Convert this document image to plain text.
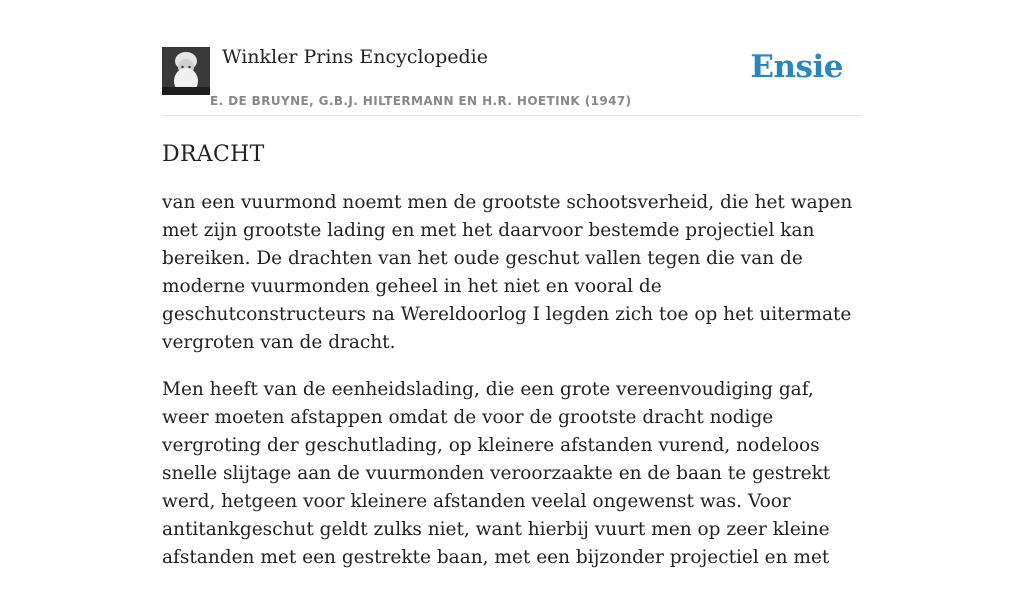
Winkler Prins Encyclopedie
E. DE BRUYNE, G.B.J. HILTERMANN EN H.R. HOETINK (1947)
Ensie
DRACHT

van een vuurmond noemt men de grootste schootsverheid, die het wapen met zijn grootste lading en met het daarvoor bestemde projectiel kan bereiken. De drachten van het oude geschut vallen tegen die van de moderne vuurmonden geheel in het niet en vooral de geschutconstructeurs na Wereldoorlog I legden zich toe op het uitermate vergroten van de dracht.

Men heeft van de eenheidslading, die een grote vereenvoudiging gaf, weer moeten afstappen omdat de voor de grootste dracht nodige vergroting der geschutlading, op kleinere afstanden vurend, nodeloos snelle slijtage aan de vuurmonden veroorzaakte en de baan te gestrekt werd, hetgeen voor kleinere afstanden veelal ongewenst was. Voor antitankgeschut geldt zulks niet, want hierbij vuurt men op zeer kleine afstanden met een gestrekte baan, met een bijzonder projectiel en met
